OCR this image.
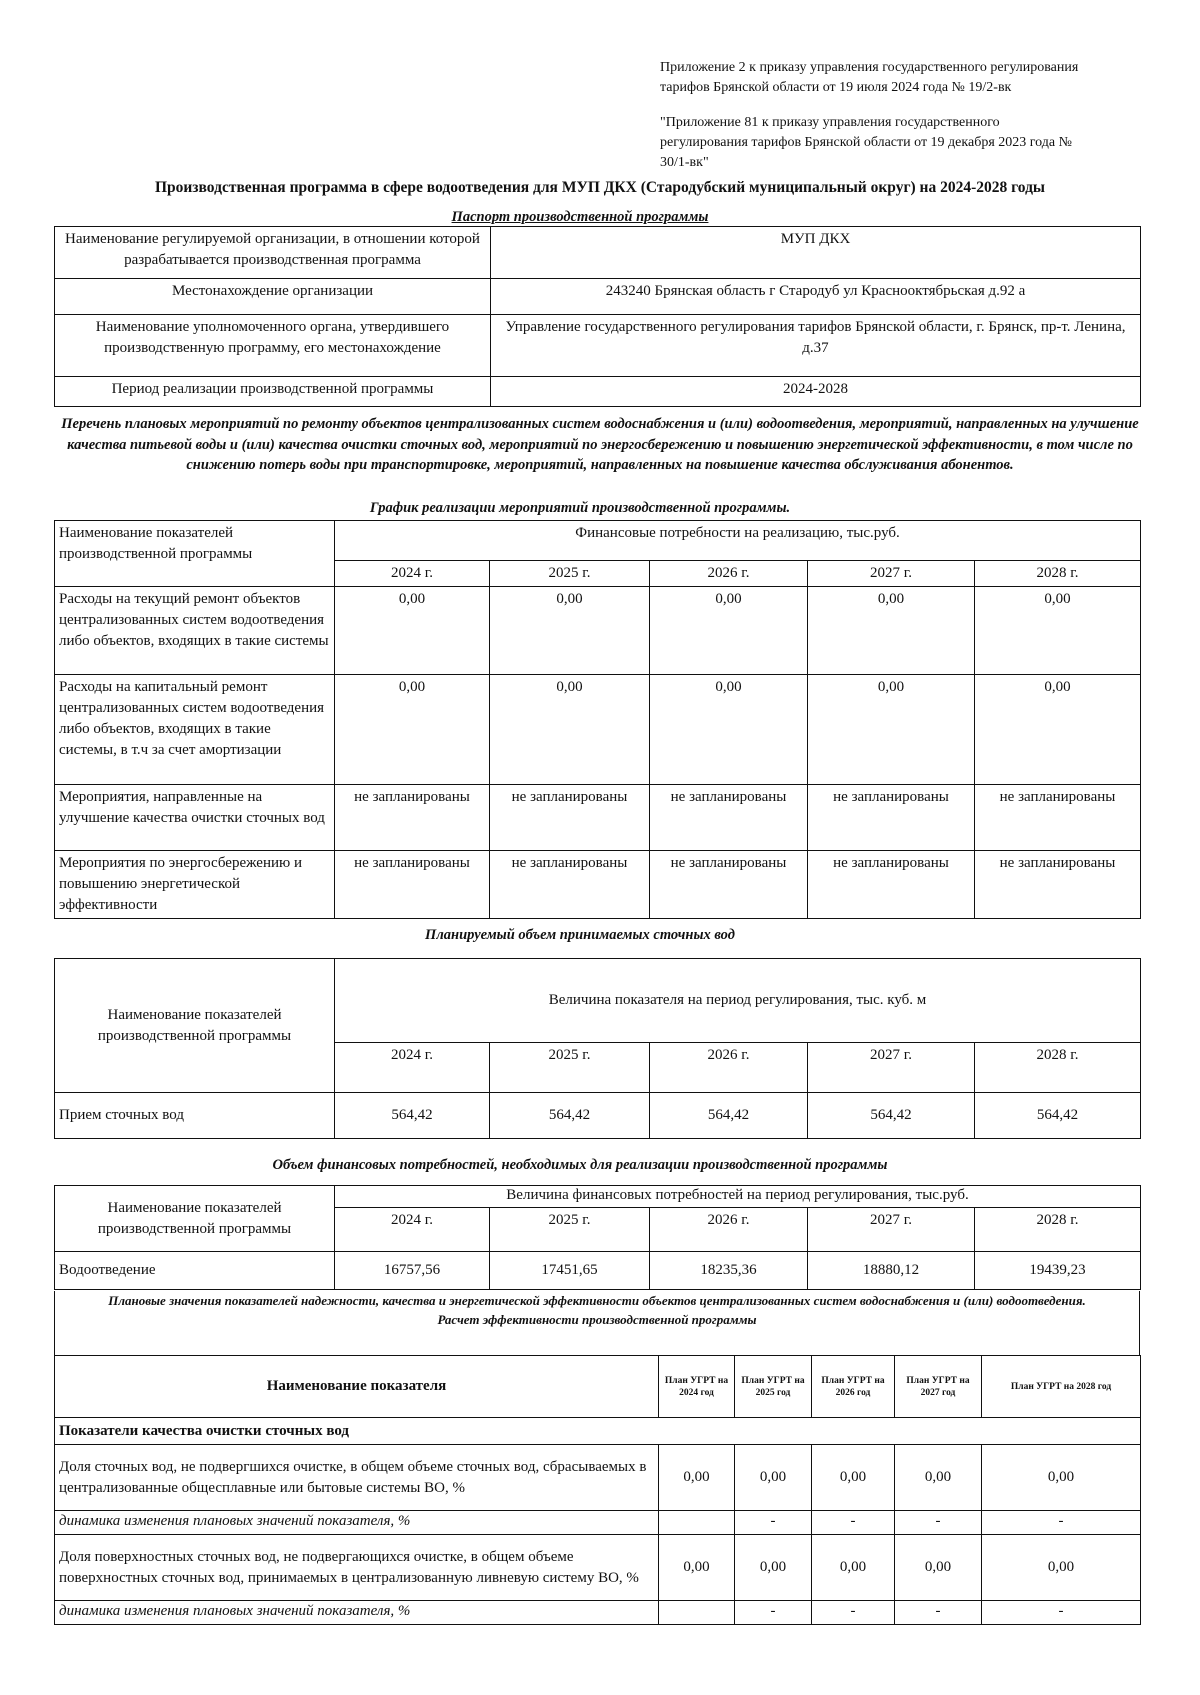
Приложение 2 к приказу управления государственного регулирования
тарифов Брянской области от 19 июля 2024 года № 19/2-вк
"Приложение 81 к приказу управления государственного
регулирования тарифов Брянской области от 19 декабря 2023 года №
30/1-вк"
Производственная программа в сфере водоотведения для МУП ДКХ (Стародубский муниципальный округ) на 2024-2028 годы
Паспорт производственной программы
Наименование регулируемой организации, в отношении которой разрабатывается производственная программа	МУП ДКХ
Местонахождение организации	243240 Брянская область г Стародуб ул Краснооктябрьская д.92 а
Наименование уполномоченного органа, утвердившего производственную программу, его местонахождение	Управление государственного регулирования тарифов Брянской области, г. Брянск, пр-т. Ленина, д.37
Период реализации производственной программы	2024-2028
Перечень плановых мероприятий по ремонту объектов централизованных систем водоснабжения и (или) водоотведения, мероприятий, направленных на улучшение качества питьевой воды и (или) качества очистки сточных вод, мероприятий по энергосбережению и повышению энергетической эффективности, в том числе по снижению потерь воды при транспортировке, мероприятий, направленных на повышение качества обслуживания абонентов.
График реализации мероприятий производственной программы.
Наименование показателей производственной программы	Финансовые потребности на реализацию, тыс.руб.				
	2024 г.	2025 г.	2026 г.	2027 г.	2028 г.
Расходы на текущий ремонт объектов централизованных систем водоотведения либо объектов, входящих в такие системы	0,00	0,00	0,00	0,00	0,00
Расходы на капитальный ремонт централизованных систем водоотведения либо объектов, входящих в такие системы, в т.ч за счет амортизации	0,00	0,00	0,00	0,00	0,00
Мероприятия, направленные на улучшение качества очистки сточных вод	не запланированы	не запланированы	не запланированы	не запланированы	не запланированы
Мероприятия по энергосбережению и повышению энергетической эффективности	не запланированы	не запланированы	не запланированы	не запланированы	не запланированы
Планируемый объем принимаемых сточных вод
Наименование показателей производственной программы	Величина показателя на период регулирования, тыс. куб. м				
	2024 г.	2025 г.	2026 г.	2027 г.	2028 г.
Прием сточных вод	564,42	564,42	564,42	564,42	564,42
Объем финансовых потребностей, необходимых для реализации производственной программы
Наименование показателей производственной программы	Величина финансовых потребностей на период регулирования, тыс.руб.				
	2024 г.	2025 г.	2026 г.	2027 г.	2028 г.
Водоотведение	16757,56	17451,65	18235,36	18880,12	19439,23
Плановые значения показателей надежности, качества и энергетической эффективности объектов централизованных систем водоснабжения и (или) водоотведения.
Расчет эффективности производственной программы
Наименование показателя	План УГРТ на 2024 год	План УГРТ на 2025 год	План УГРТ на 2026 год	План УГРТ на 2027 год	План УГРТ на 2028 год
Показатели качества очистки сточных вод					
Доля сточных вод, не подвергшихся очистке, в общем объеме сточных вод, сбрасываемых в централизованные общесплавные или бытовые системы ВО, %	0,00	0,00	0,00	0,00	0,00
динамика изменения плановых значений показателя, %		-	-	-	-
Доля поверхностных сточных вод, не подвергающихся очистке, в общем объеме поверхностных сточных вод, принимаемых в централизованную ливневую систему ВО, %	0,00	0,00	0,00	0,00	0,00
динамика изменения плановых значений показателя, %		-	-	-	-
